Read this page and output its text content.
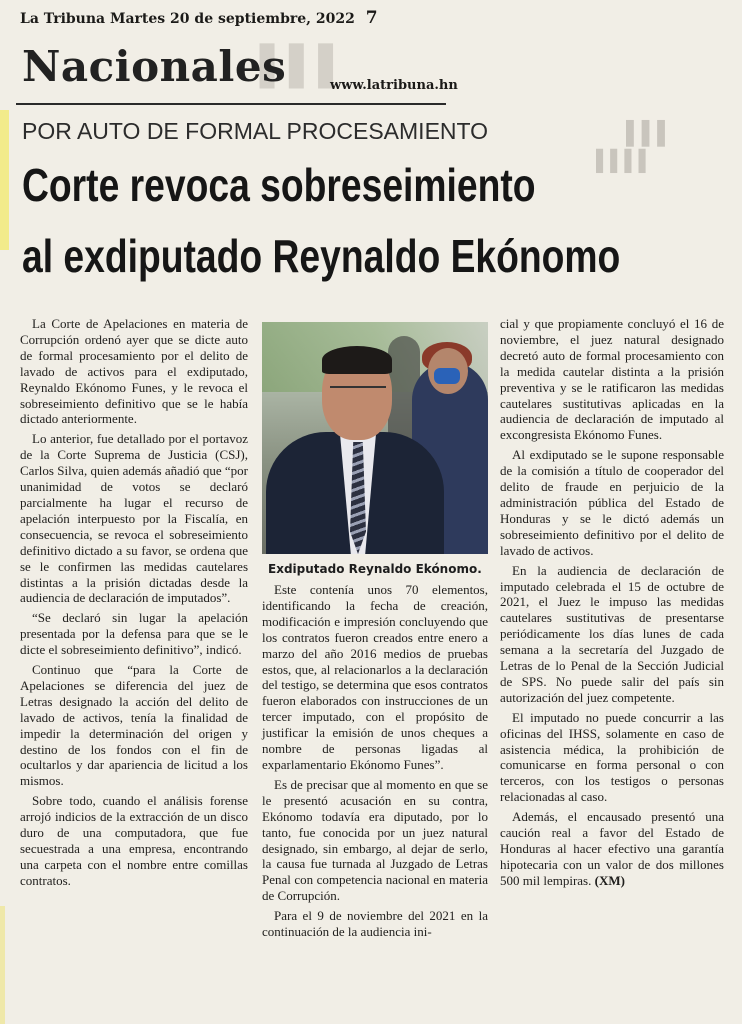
La Tribuna Martes 20 de septiembre, 2022 7
▌▌▌
Nacionales	www.latribuna.hn
▌▌▌
▌▌▌▌
POR AUTO DE FORMAL PROCESAMIENTO
Corte revoca sobreseimiento
al exdiputado Reynaldo Ekónomo

La Corte de Apelaciones en materia de Corrupción ordenó ayer que se dicte auto de formal procesamiento por el delito de lavado de activos para el exdiputado, Reynaldo Ekónomo Funes, y le revoca el sobreseimiento definitivo que se le había dictado anteriormente.

Lo anterior, fue detallado por el portavoz de la Corte Suprema de Justicia (CSJ), Carlos Silva, quien además añadió que “por unanimidad de votos se declaró parcialmente ha lugar el recurso de apelación interpuesto por la Fiscalía, en consecuencia, se revoca el sobreseimiento definitivo dictado a su favor, se ordena que se le confirmen las medidas cautelares distintas a la prisión dictadas desde la audiencia de declaración de imputados”.

“Se declaró sin lugar la apelación presentada por la defensa para que se le dicte el sobreseimiento definitivo”, indicó.

Continuo que “para la Corte de Apelaciones se diferencia del juez de Letras designado la acción del delito de lavado de activos, tenía la finalidad de impedir la determinación del origen y destino de los fondos con el fin de ocultarlos y dar apariencia de licitud a los mismos.

Sobre todo, cuando el análisis forense arrojó indicios de la extracción de un disco duro de una computadora, que fue secuestrada a una empresa, encontrando una carpeta con el nombre entre comillas contratos.

Exdiputado Reynaldo Ekónomo.

Este contenía unos 70 elementos, identificando la fecha de creación, modificación e impresión concluyendo que los contratos fueron creados entre enero a marzo del año 2016 medios de pruebas estos, que, al relacionarlos a la declaración del testigo, se determina que esos contratos fueron elaborados con instrucciones de un tercer imputado, con el propósito de justificar la emisión de unos cheques a nombre de personas ligadas al exparlamentario Ekónomo Funes”.

Es de precisar que al momento en que se le presentó acusación en su contra, Ekónomo todavía era diputado, por lo tanto, fue conocida por un juez natural designado, sin embargo, al dejar de serlo, la causa fue turnada al Juzgado de Letras Penal con competencia nacional en materia de Corrupción.

Para el 9 de noviembre del 2021 en la continuación de la audiencia ini-

cial y que propiamente concluyó el 16 de noviembre, el juez natural designado decretó auto de formal procesamiento con la medida cautelar distinta a la prisión preventiva y se le ratificaron las medidas cautelares sustitutivas aplicadas en la audiencia de declaración de imputado al excongresista Ekónomo Funes.

Al exdiputado se le supone responsable de la comisión a título de cooperador del delito de fraude en perjuicio de la administración pública del Estado de Honduras y se le dictó además un sobreseimiento definitivo por el delito de lavado de activos.

En la audiencia de declaración de imputado celebrada el 15 de octubre de 2021, el Juez le impuso las medidas cautelares sustitutivas de presentarse periódicamente los días lunes de cada semana a la secretaría del Juzgado de Letras de lo Penal de la Sección Judicial de SPS. No puede salir del país sin autorización del juez competente.

El imputado no puede concurrir a las oficinas del IHSS, solamente en caso de asistencia médica, la prohibición de comunicarse en forma personal o con terceros, con los testigos o personas relacionadas al caso.

Además, el encausado presentó una caución real a favor del Estado de Honduras al hacer efectivo una garantía hipotecaria con un valor de dos millones 500 mil lempiras. (XM)
